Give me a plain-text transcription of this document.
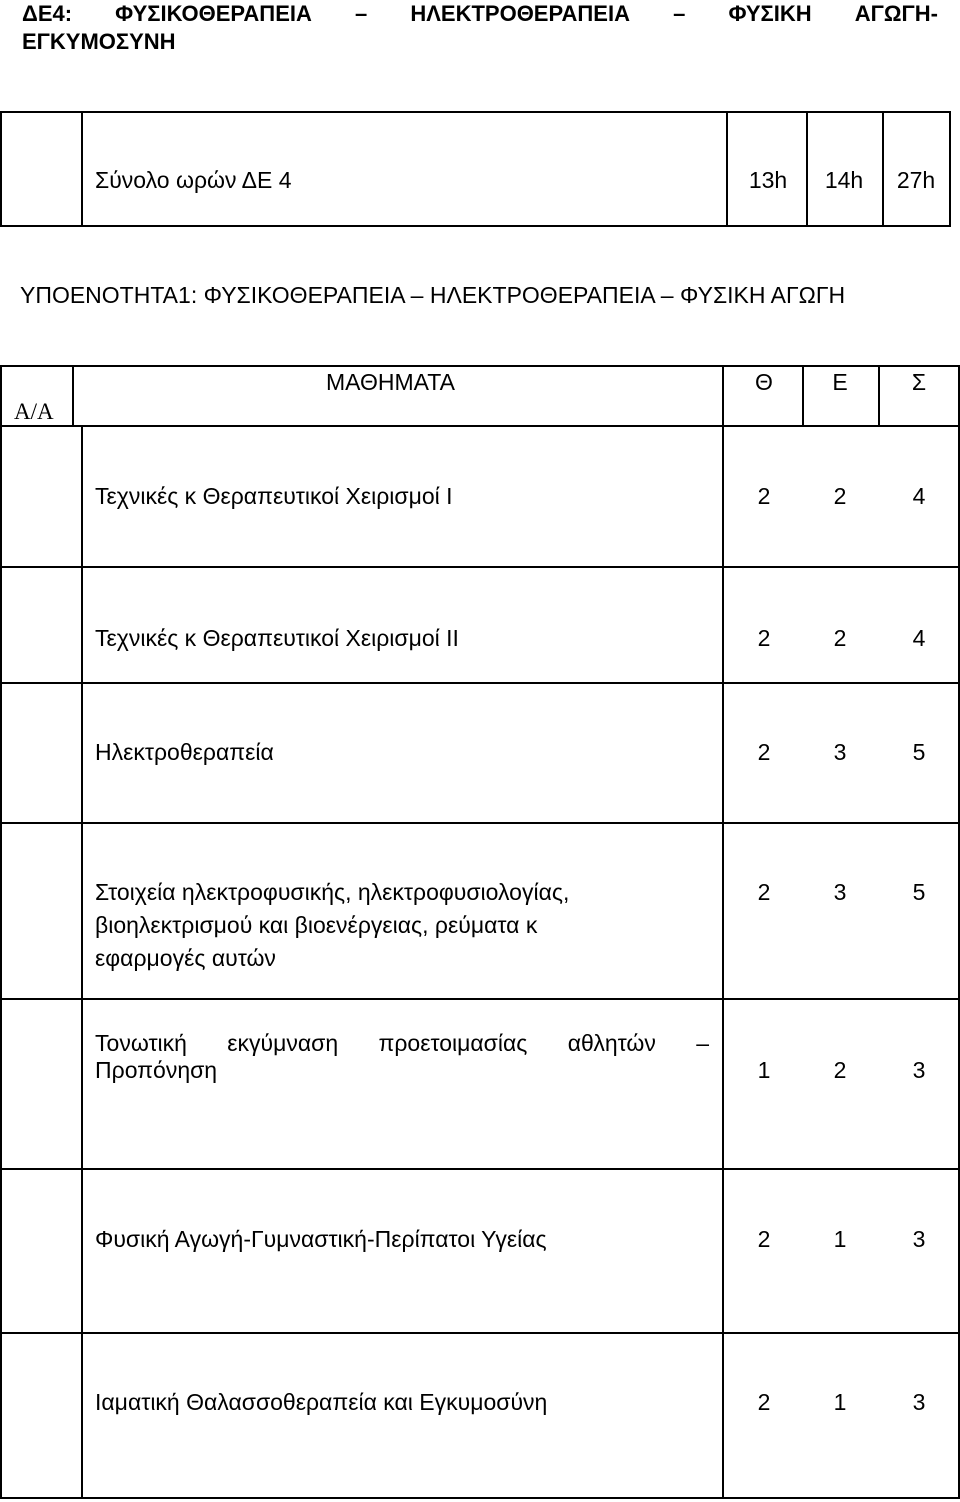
ΔΕ4: ΦΥΣΙΚΟΘΕΡΑΠΕΙΑ – ΗΛΕΚΤΡΟΘΕΡΑΠΕΙΑ – ΦΥΣΙΚΗ ΑΓΩΓΗ-
ΕΓΚΥΜΟΣΥΝΗ
Σύνολο ωρών ΔΕ 4	13h	14h	27h
ΥΠΟΕΝΟΤΗΤΑ1: ΦΥΣΙΚΟΘΕΡΑΠΕΙΑ – ΗΛΕΚΤΡΟΘΕΡΑΠΕΙΑ – ΦΥΣΙΚΗ ΑΓΩΓΗ
Α/Α
ΜΑΘΗΜΑΤΑ	Θ	Ε	Σ
Τεχνικές κ Θεραπευτικοί Χειρισμοί Ι	2	2	4
Τεχνικές κ Θεραπευτικοί Χειρισμοί ΙΙ	2	2	4
Ηλεκτροθεραπεία	2	3	5
Στοιχεία ηλεκτροφυσικής, ηλεκτροφυσιολογίας,
βιοηλεκτρισμού και βιοενέργειας, ρεύματα κ
εφαρμογές αυτών
2	3	5
Τονωτική εκγύμναση προετοιμασίας αθλητών –
Προπόνηση	1	2	3
Φυσική Αγωγή-Γυμναστική-Περίπατοι Υγείας	2	1	3
Ιαματική Θαλασσοθεραπεία και Εγκυμοσύνη	2	1	3
